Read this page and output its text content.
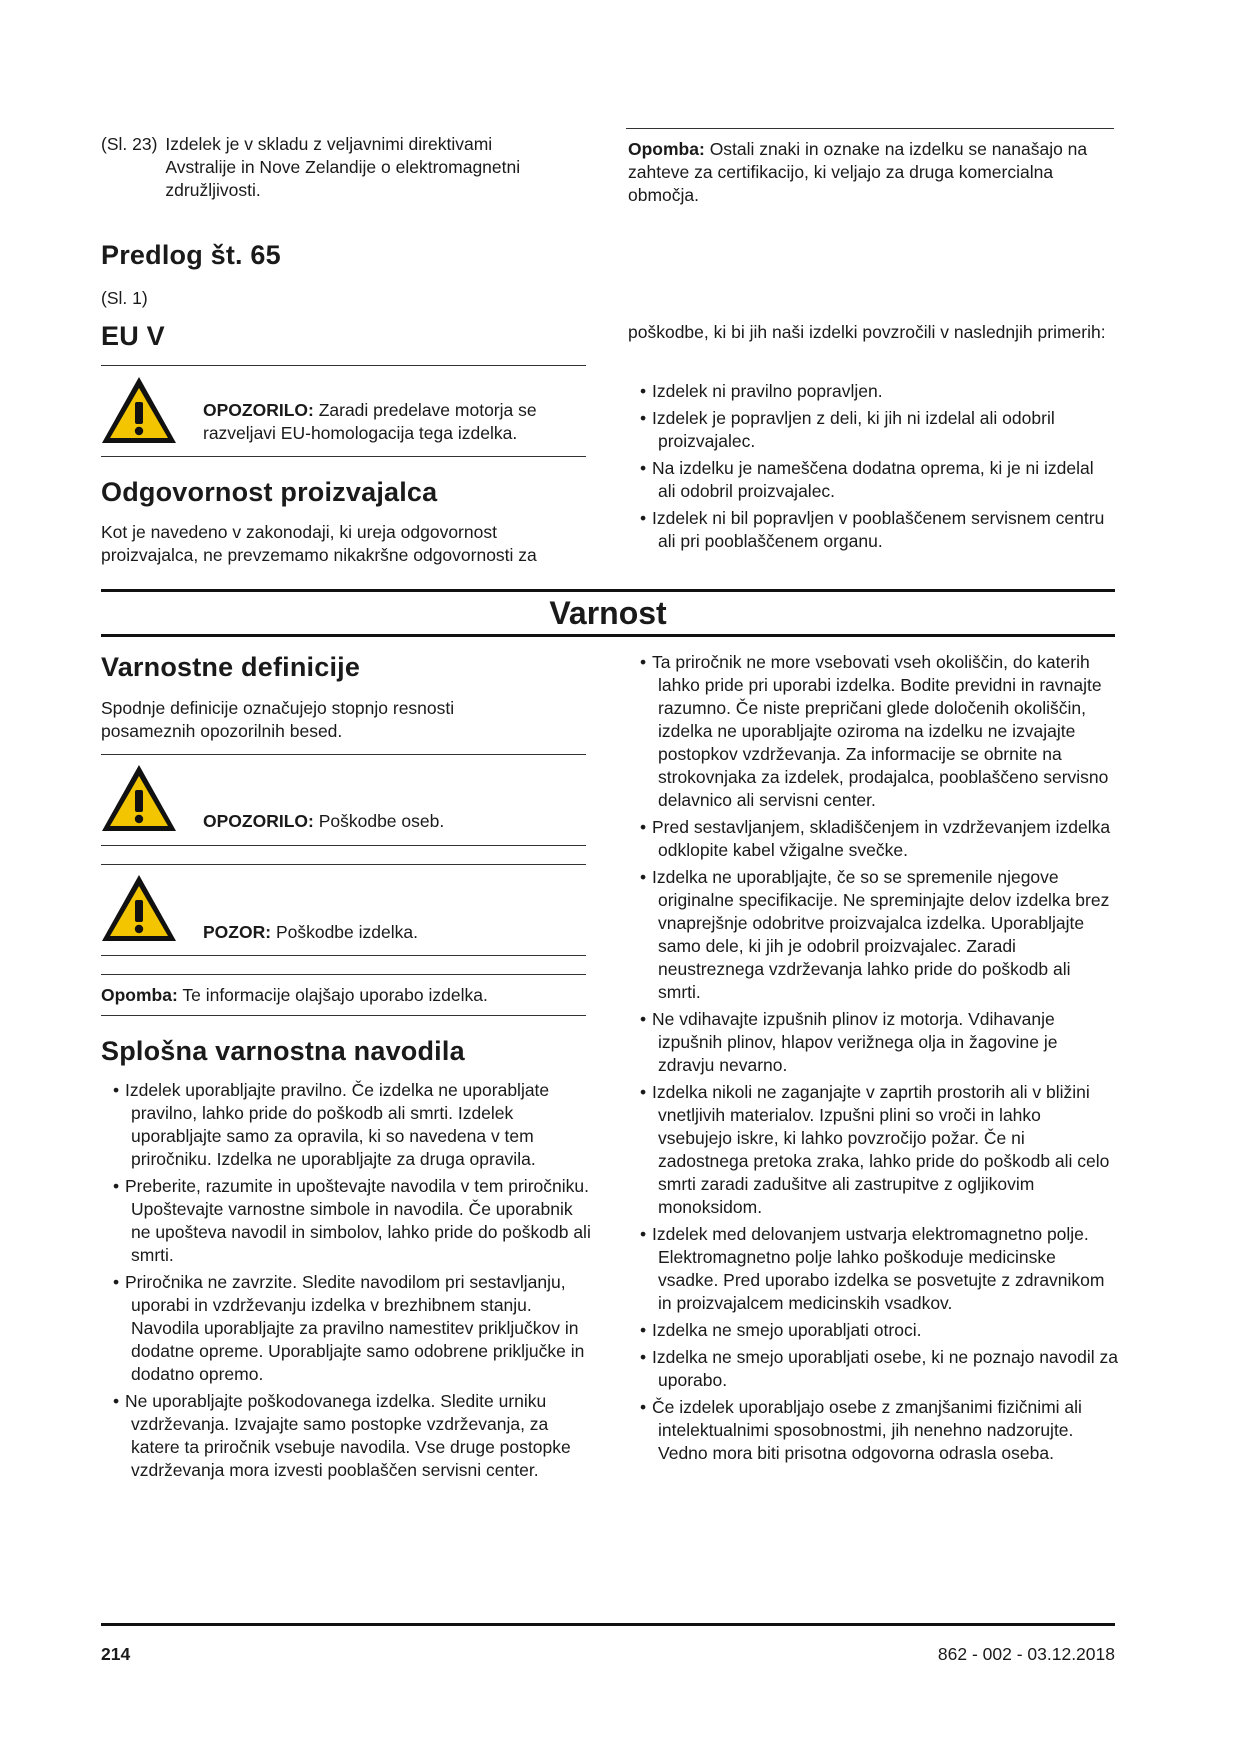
(Sl. 23) Izdelek je v skladu z veljavnimi direktivami Avstralije in Nove Zelandije o elektromagnetni združljivosti.
Opomba: Ostali znaki in oznake na izdelku se nanašajo na zahteve za certifikacijo, ki veljajo za druga komercialna območja.
Predlog št. 65
(Sl. 1)
EU V
OPOZORILO: Zaradi predelave motorja se razveljavi EU-homologacija tega izdelka.
Odgovornost proizvajalca
Kot je navedeno v zakonodaji, ki ureja odgovornost proizvajalca, ne prevzemamo nikakršne odgovornosti za
poškodbe, ki bi jih naši izdelki povzročili v naslednjih primerih:
• Izdelek ni pravilno popravljen.
• Izdelek je popravljen z deli, ki jih ni izdelal ali odobril proizvajalec.
• Na izdelku je nameščena dodatna oprema, ki je ni izdelal ali odobril proizvajalec.
• Izdelek ni bil popravljen v pooblaščenem servisnem centru ali pri pooblaščenem organu.
Varnost
Varnostne definicije
Spodnje definicije označujejo stopnjo resnosti posameznih opozorilnih besed.
OPOZORILO: Poškodbe oseb.
POZOR: Poškodbe izdelka.
Opomba: Te informacije olajšajo uporabo izdelka.
Splošna varnostna navodila
• Izdelek uporabljajte pravilno. Če izdelka ne uporabljate pravilno, lahko pride do poškodb ali smrti. Izdelek uporabljajte samo za opravila, ki so navedena v tem priročniku. Izdelka ne uporabljajte za druga opravila.
• Preberite, razumite in upoštevajte navodila v tem priročniku. Upoštevajte varnostne simbole in navodila. Če uporabnik ne upošteva navodil in simbolov, lahko pride do poškodb ali smrti.
• Priročnika ne zavrzite. Sledite navodilom pri sestavljanju, uporabi in vzdrževanju izdelka v brezhibnem stanju. Navodila uporabljajte za pravilno namestitev priključkov in dodatne opreme. Uporabljajte samo odobrene priključke in dodatno opremo.
• Ne uporabljajte poškodovanega izdelka. Sledite urniku vzdrževanja. Izvajajte samo postopke vzdrževanja, za katere ta priročnik vsebuje navodila. Vse druge postopke vzdrževanja mora izvesti pooblaščen servisni center.
• Ta priročnik ne more vsebovati vseh okoliščin, do katerih lahko pride pri uporabi izdelka. Bodite previdni in ravnajte razumno. Če niste prepričani glede določenih okoliščin, izdelka ne uporabljajte oziroma na izdelku ne izvajajte postopkov vzdrževanja. Za informacije se obrnite na strokovnjaka za izdelek, prodajalca, pooblaščeno servisno delavnico ali servisni center.
• Pred sestavljanjem, skladiščenjem in vzdrževanjem izdelka odklopite kabel vžigalne svečke.
• Izdelka ne uporabljajte, če so se spremenile njegove originalne specifikacije. Ne spreminjajte delov izdelka brez vnaprejšnje odobritve proizvajalca izdelka. Uporabljajte samo dele, ki jih je odobril proizvajalec. Zaradi neustreznega vzdrževanja lahko pride do poškodb ali smrti.
• Ne vdihavajte izpušnih plinov iz motorja. Vdihavanje izpušnih plinov, hlapov verižnega olja in žagovine je zdravju nevarno.
• Izdelka nikoli ne zaganjajte v zaprtih prostorih ali v bližini vnetljivih materialov. Izpušni plini so vroči in lahko vsebujejo iskre, ki lahko povzročijo požar. Če ni zadostnega pretoka zraka, lahko pride do poškodb ali celo smrti zaradi zadušitve ali zastrupitve z ogljikovim monoksidom.
• Izdelek med delovanjem ustvarja elektromagnetno polje. Elektromagnetno polje lahko poškoduje medicinske vsadke. Pred uporabo izdelka se posvetujte z zdravnikom in proizvajalcem medicinskih vsadkov.
• Izdelka ne smejo uporabljati otroci.
• Izdelka ne smejo uporabljati osebe, ki ne poznajo navodil za uporabo.
• Če izdelek uporabljajo osebe z zmanjšanimi fizičnimi ali intelektualnimi sposobnostmi, jih nenehno nadzorujte. Vedno mora biti prisotna odgovorna odrasla oseba.
214	862 - 002 - 03.12.2018
